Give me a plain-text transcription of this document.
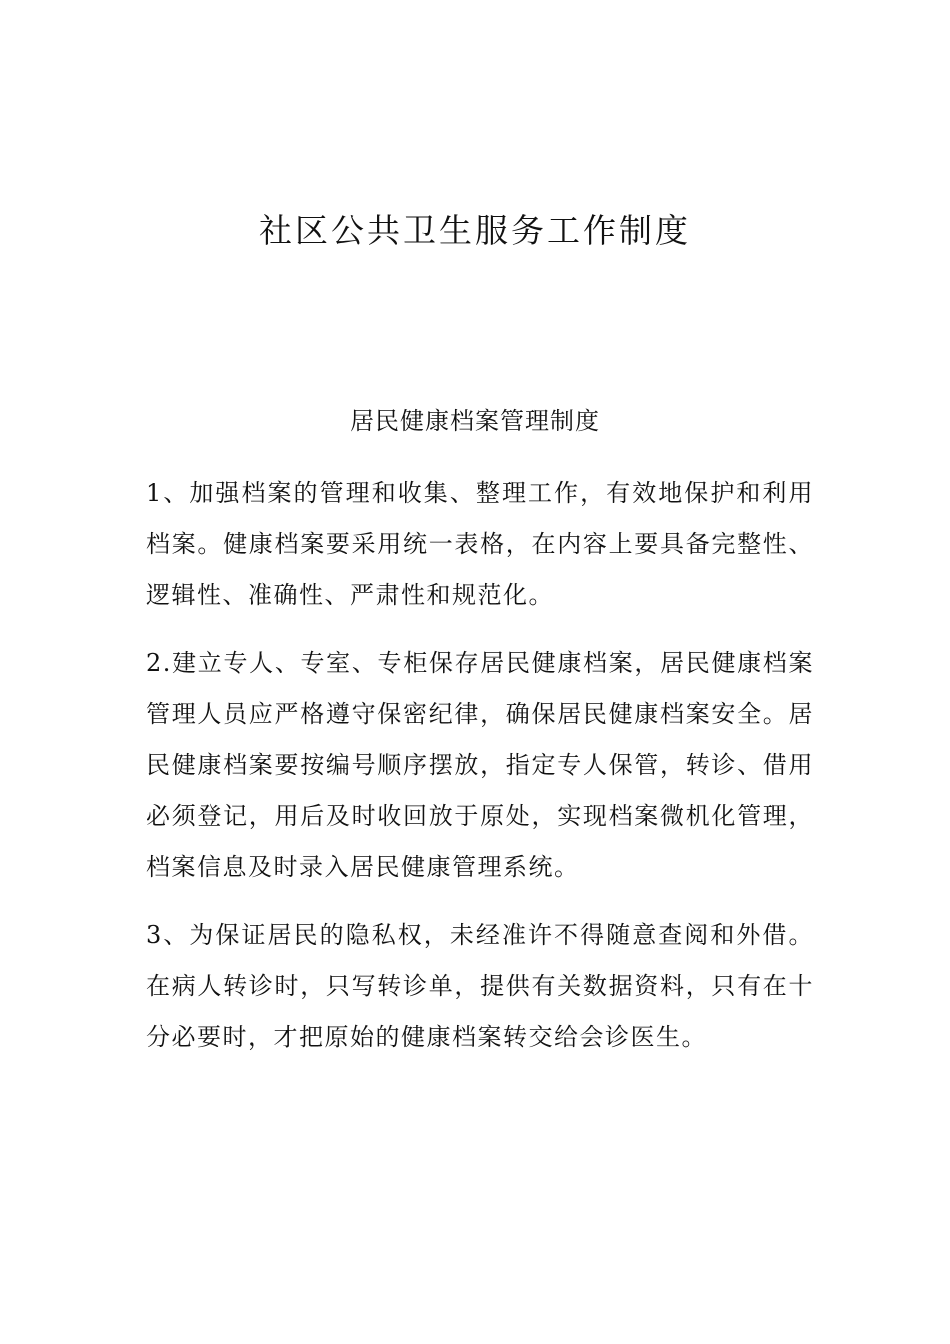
社区公共卫生服务工作制度
居民健康档案管理制度

1、加强档案的管理和收集、整理工作，有效地保护和利用档案。健康档案要采用统一表格，在内容上要具备完整性、逻辑性、准确性、严肃性和规范化。

2.建立专人、专室、专柜保存居民健康档案，居民健康档案管理人员应严格遵守保密纪律，确保居民健康档案安全。居民健康档案要按编号顺序摆放，指定专人保管，转诊、借用必须登记，用后及时收回放于原处，实现档案微机化管理，档案信息及时录入居民健康管理系统。

3、为保证居民的隐私权，未经准许不得随意查阅和外借。在病人转诊时，只写转诊单，提供有关数据资料，只有在十分必要时，才把原始的健康档案转交给会诊医生。
